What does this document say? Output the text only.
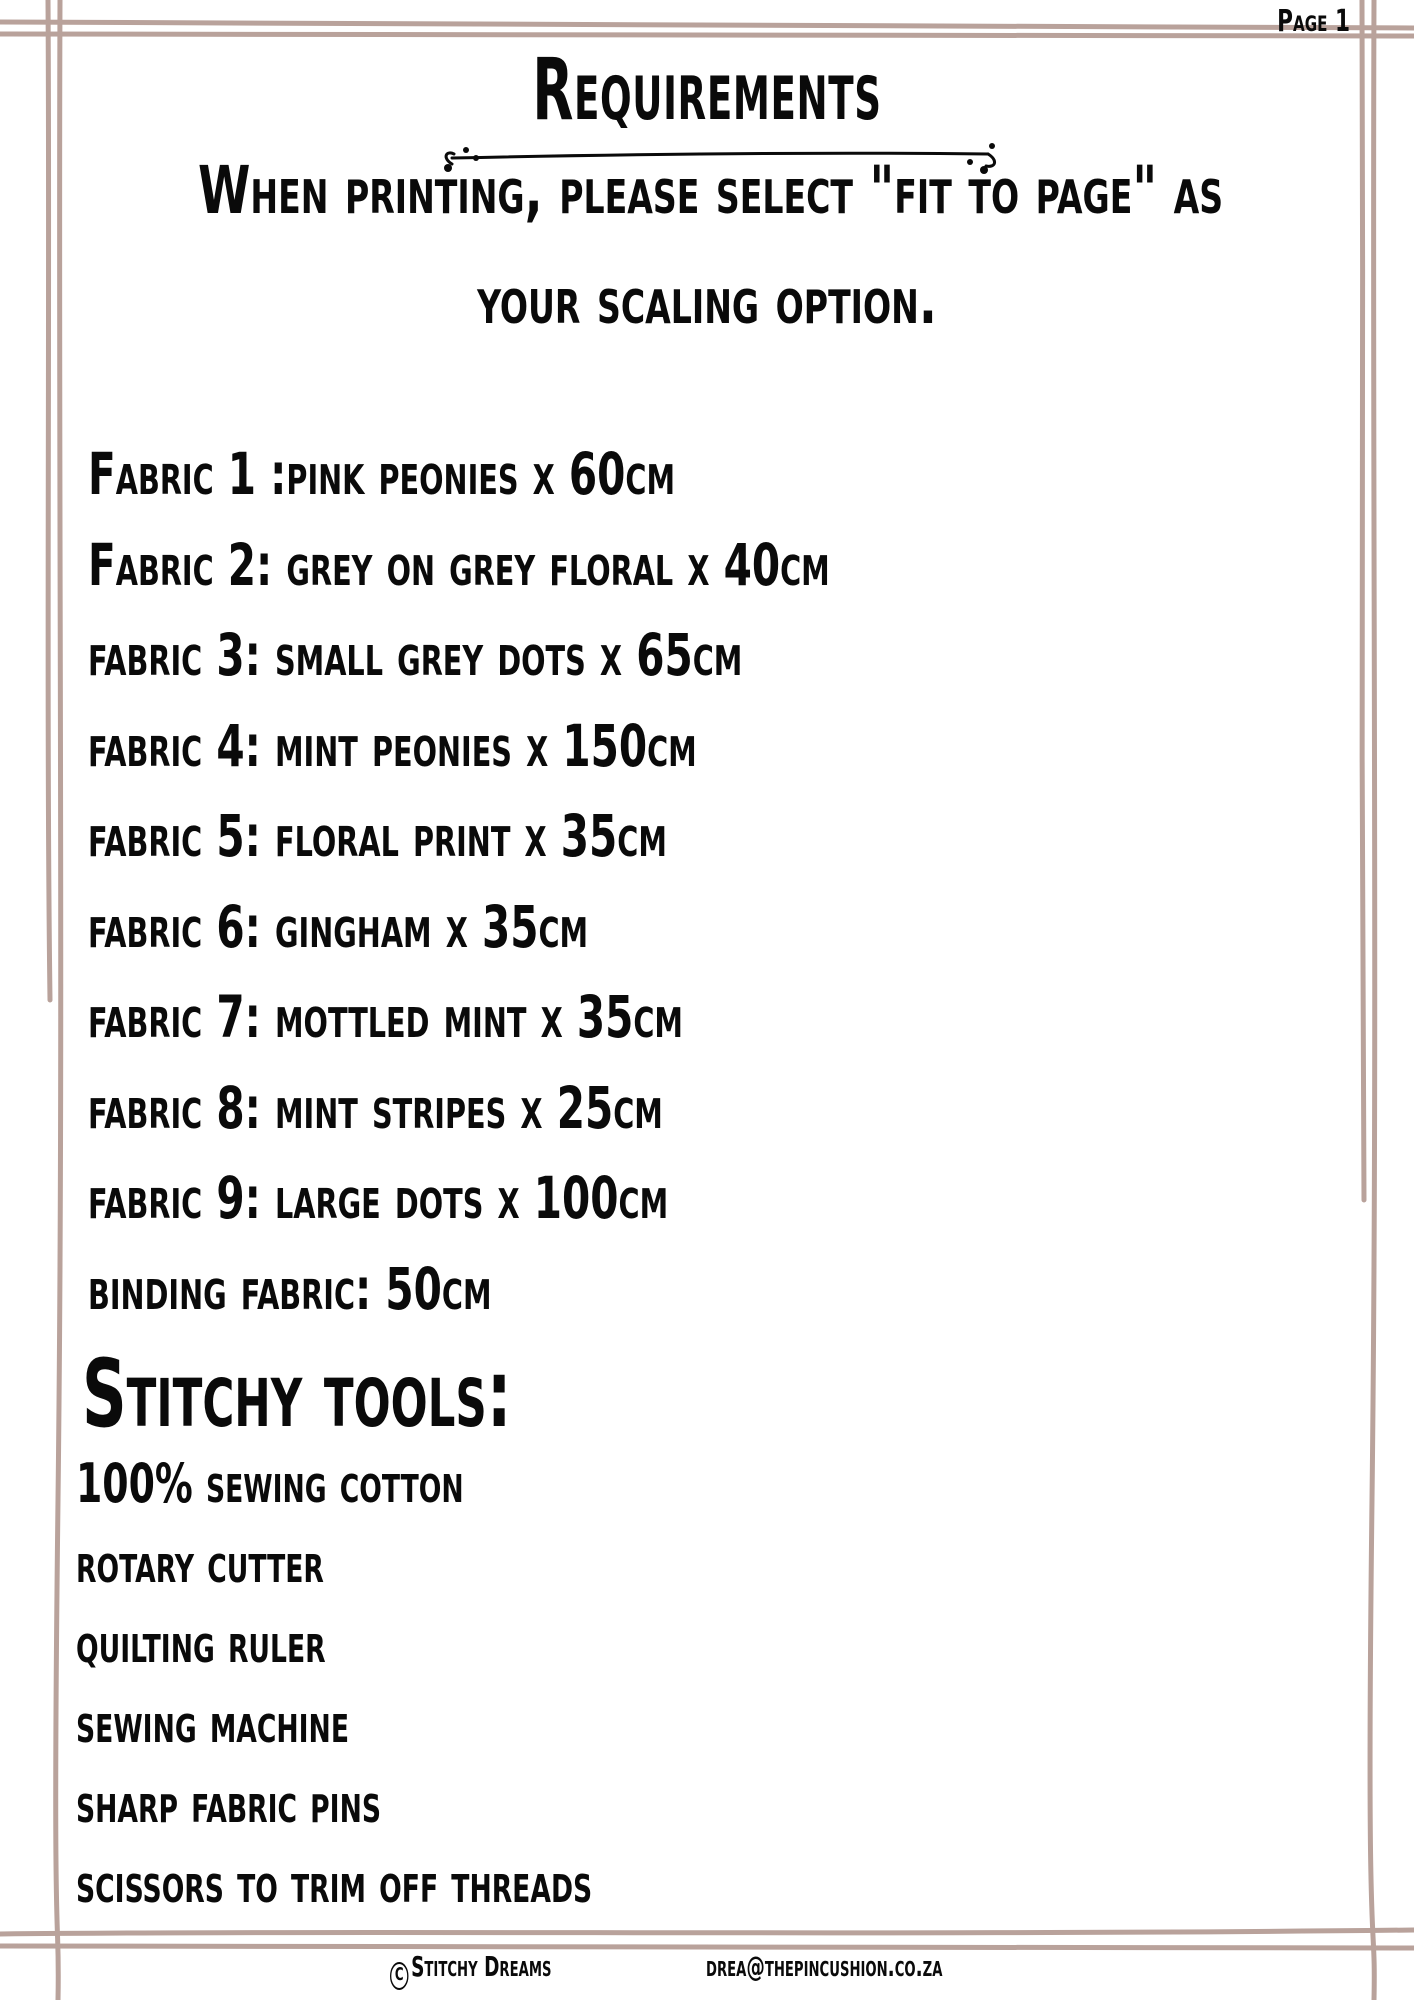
Page 1
Requirements
When printing, please select "fit to page" as
your scaling option.
Fabric 1 :pink peonies x 60cm
Fabric 2: grey on grey floral x 40cm
fabric 3: small grey dots x 65cm
fabric 4: mint peonies x 150cm
fabric 5: floral print x 35cm
fabric 6: gingham x 35cm
fabric 7: mottled mint x 35cm
fabric 8: mint stripes x 25cm
fabric 9: large dots x 100cm
binding fabric: 50cm
Stitchy tools:
100% sewing cotton
rotary cutter
quilting ruler
sewing machine
sharp fabric pins
scissors to trim off threads
C Stitchy Dreams	drea@thepincushion.co.za
